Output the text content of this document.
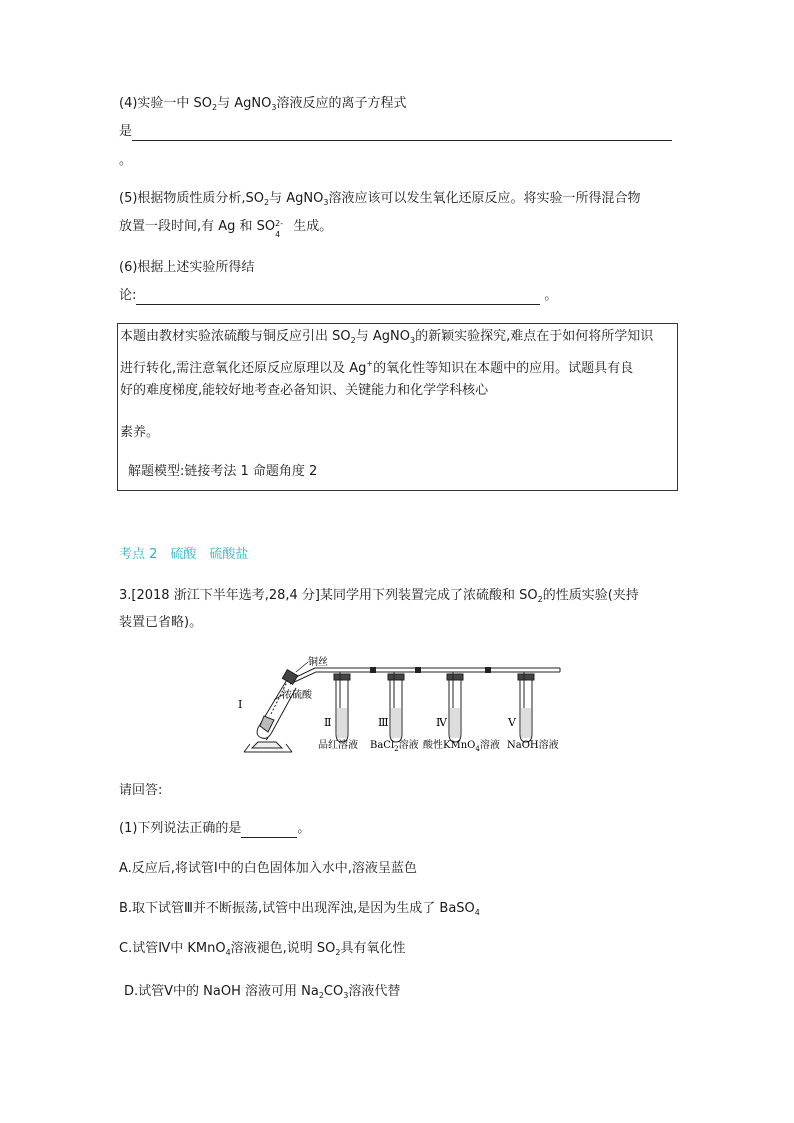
(4)实验一中 $SO_2$与 AgNO$_3$溶液反应的离子方程式
是
。
(5)根据物质性质分析$,SO_2$与 AgNO$_3$溶液应该可以发生氧化还原反应。将实验一所得混合物
放置一段时间,有 Ag 和 SO 4
2- 生成。
(6)根据上述实验所得结
论:	。
本题由教材实验浓硫酸与铜反应引出 $SO_2$与 AgNO$_3$的新颖实验探究,难点在于如何将所学知识
进行转化,需注意氧化还原反应原理以及 Ag+的氧化性等知识在本题中的应用。试题具有良
好的难度梯度,能较好地考查必备知识、关键能力和化学学科核心
素养。
解题模型:链接考法 1 命题角度 2
考点 2　硫酸　硫酸盐
3.[2018 浙江下半年选考,28,4 分]某同学用下列装置完成了浓硫酸和 $SO_2$的性质实验(夹持
装置已省略)。
铜丝
浓硫酸
Ⅰ
Ⅱ	Ⅲ	Ⅳ	Ⅴ
品红溶液 BaCl$_2$溶液 酸性KMnO$_4$溶液 NaOH溶液
请回答:
(1)下列说法正确的是	。
A.反应后,将试管Ⅰ中的白色固体加入水中,溶液呈蓝色
B.取下试管Ⅲ并不断振荡,试管中出现浑浊,是因为生成了 BaSO$_4$
C.试管Ⅳ中 KMnO$_4$溶液褪色,说明 $SO_2$具有氧化性
D.试管Ⅴ中的 NaOH 溶液可用 $Na_2CO_3$溶液代替
